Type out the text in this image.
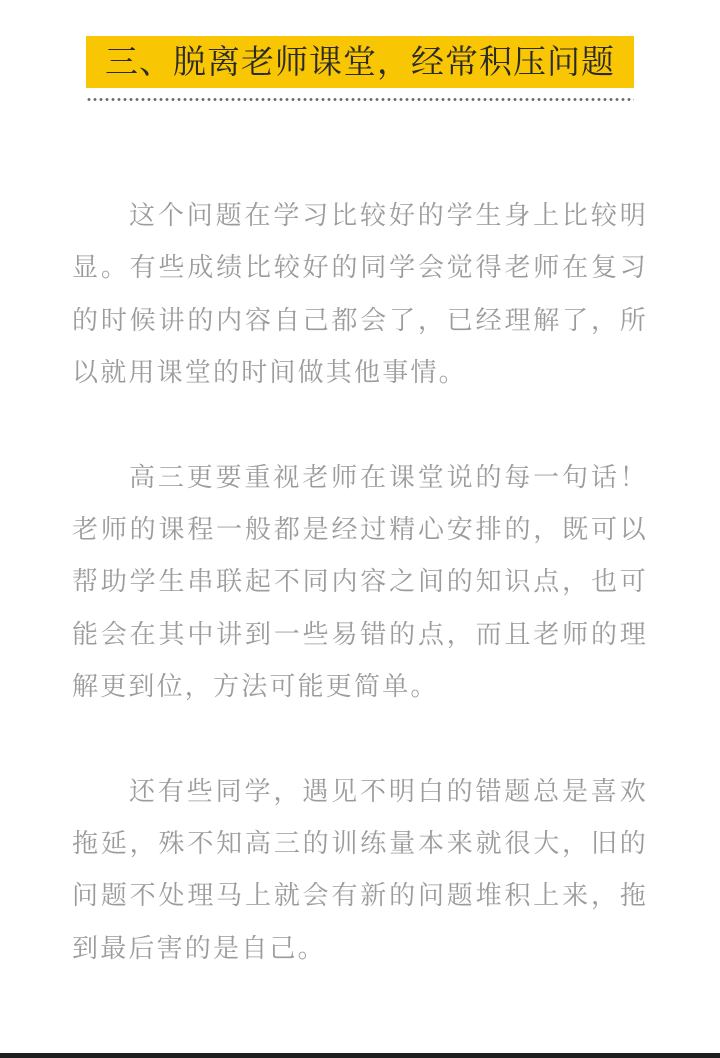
三、脱离老师课堂，经常积压问题

这个问题在学习比较好的学生身上比较明显。有些成绩比较好的同学会觉得老师在复习的时候讲的内容自己都会了，已经理解了，所以就用课堂的时间做其他事情。

高三更要重视老师在课堂说的每一句话！老师的课程一般都是经过精心安排的，既可以帮助学生串联起不同内容之间的知识点，也可能会在其中讲到一些易错的点，而且老师的理解更到位，方法可能更简单。

还有些同学，遇见不明白的错题总是喜欢拖延，殊不知高三的训练量本来就很大，旧的问题不处理马上就会有新的问题堆积上来，拖到最后害的是自己。
